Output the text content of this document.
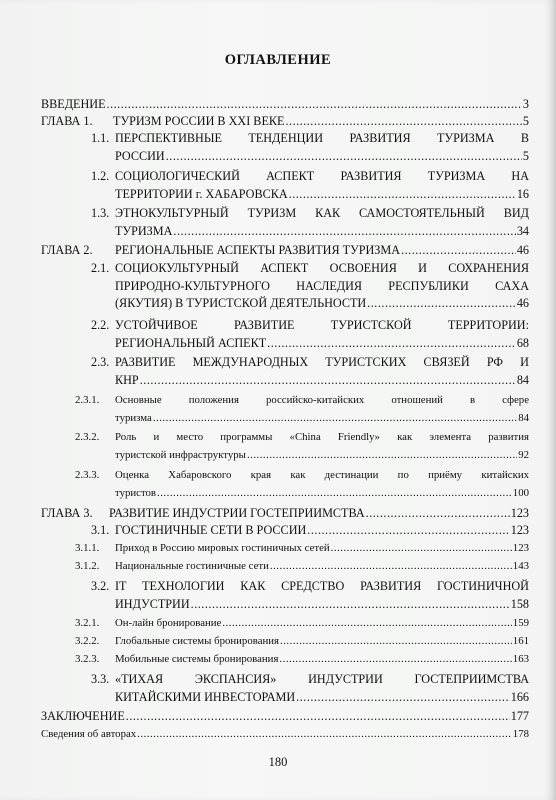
ОГЛАВЛЕНИЕ
ВВЕДЕНИЕ .....	3
ГЛАВА 1. ТУРИЗМ РОССИИ В XXI ВЕКЕ .....	5
1.1. ПЕРСПЕКТИВНЫЕ ТЕНДЕНЦИИ РАЗВИТИЯ ТУРИЗМА В
РОССИИ .....	5
1.2. СОЦИОЛОГИЧЕСКИЙ АСПЕКТ РАЗВИТИЯ ТУРИЗМА НА
ТЕРРИТОРИИ г. ХАБАРОВСКА .....	16
1.3. ЭТНОКУЛЬТУРНЫЙ ТУРИЗМ КАК САМОСТОЯТЕЛЬНЫЙ ВИД
ТУРИЗМА .....	34
ГЛАВА 2. РЕГИОНАЛЬНЫЕ АСПЕКТЫ РАЗВИТИЯ ТУРИЗМА .....	46
2.1. СОЦИОКУЛЬТУРНЫЙ АСПЕКТ ОСВОЕНИЯ И СОХРАНЕНИЯ
ПРИРОДНО-КУЛЬТУРНОГО НАСЛЕДИЯ РЕСПУБЛИКИ САХА
(ЯКУТИЯ) В ТУРИСТСКОЙ ДЕЯТЕЛЬНОСТИ .....	46
2.2. УСТОЙЧИВОЕ РАЗВИТИЕ ТУРИСТСКОЙ ТЕРРИТОРИИ:
РЕГИОНАЛЬНЫЙ АСПЕКТ .....	68
2.3. РАЗВИТИЕ МЕЖДУНАРОДНЫХ ТУРИСТСКИХ СВЯЗЕЙ РФ И
КНР .....	84
2.3.1. Основные положения российско-китайских отношений в сфере
туризма .....	84
2.3.2. Роль и место программы «China Friendly» как элемента развития
туристской инфраструктуры .....	92
2.3.3. Оценка Хабаровского края как дестинации по приёму китайских
туристов .....	100
ГЛАВА 3. РАЗВИТИЕ ИНДУСТРИИ ГОСТЕПРИИМСТВА .....	123
3.1. ГОСТИНИЧНЫЕ СЕТИ В РОССИИ .....	123
3.1.1. Приход в Россию мировых гостиничных сетей .....	123
3.1.2. Национальные гостиничные сети .....	143
3.2. IT ТЕХНОЛОГИИ КАК СРЕДСТВО РАЗВИТИЯ ГОСТИНИЧНОЙ
ИНДУСТРИИ .....	158
3.2.1. Он-лайн бронирование .....	159
3.2.2. Глобальные системы бронирования .....	161
3.2.3. Мобильные системы бронирования .....	163
3.3. «ТИХАЯ ЭКСПАНСИЯ» ИНДУСТРИИ ГОСТЕПРИИМСТВА
КИТАЙСКИМИ ИНВЕСТОРАМИ .....	166
ЗАКЛЮЧЕНИЕ .....	177
Сведения об авторах .....	178
180
